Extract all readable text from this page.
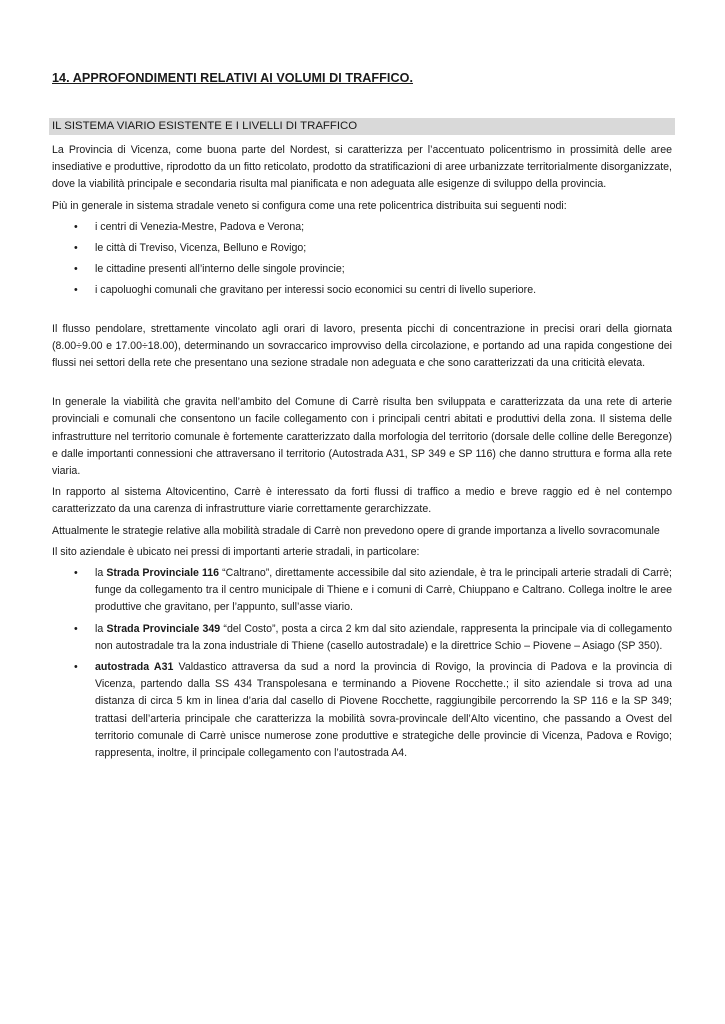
14. APPROFONDIMENTI RELATIVI AI VOLUMI DI TRAFFICO.
IL SISTEMA VIARIO ESISTENTE E I LIVELLI DI TRAFFICO

La Provincia di Vicenza, come buona parte del Nordest, si caratterizza per l’accentuato policentrismo in prossimità delle aree insediative e produttive, riprodotto da un fitto reticolato, prodotto da stratificazioni di aree urbanizzate territorialmente disorganizzate, dove la viabilità principale e secondaria risulta mal pianificata e non adeguata alle esigenze di sviluppo della provincia.

Più in generale in sistema stradale veneto si configura come una rete policentrica distribuita sui seguenti nodi:

• i centri di Venezia-Mestre, Padova e Verona;
• le città di Treviso, Vicenza, Belluno e Rovigo;
• le cittadine presenti all’interno delle singole provincie;
• i capoluoghi comunali che gravitano per interessi socio economici su centri di livello superiore.

Il flusso pendolare, strettamente vincolato agli orari di lavoro, presenta picchi di concentrazione in precisi orari della giornata (8.00÷9.00 e 17.00÷18.00), determinando un sovraccarico improvviso della circolazione, e portando ad una rapida congestione dei flussi nei settori della rete che presentano una sezione stradale non adeguata e che sono caratterizzati da una criticità elevata.

In generale la viabilità che gravita nell’ambito del Comune di Carrè risulta ben sviluppata e caratterizzata da una rete di arterie provinciali e comunali che consentono un facile collegamento con i principali centri abitati e produttivi della zona. Il sistema delle infrastrutture nel territorio comunale è fortemente caratterizzato dalla morfologia del territorio (dorsale delle colline delle Beregonze) e dalle importanti connessioni che attraversano il territorio (Autostrada A31, SP 349 e SP 116) che danno struttura e forma alla rete viaria.

In rapporto al sistema Altovicentino, Carrè è interessato da forti flussi di traffico a medio e breve raggio ed è nel contempo caratterizzato da una carenza di infrastrutture viarie correttamente gerarchizzate.

Attualmente le strategie relative alla mobilità stradale di Carrè non prevedono opere di grande importanza a livello sovracomunale

Il sito aziendale è ubicato nei pressi di importanti arterie stradali, in particolare:

• la Strada Provinciale 116 “Caltrano”, direttamente accessibile dal sito aziendale, è tra le principali arterie stradali di Carrè; funge da collegamento tra il centro municipale di Thiene e i comuni di Carrè, Chiuppano e Caltrano. Collega inoltre le aree produttive che gravitano, per l’appunto, sull’asse viario.
• la Strada Provinciale 349 “del Costo”, posta a circa 2 km dal sito aziendale, rappresenta la principale via di collegamento non autostradale tra la zona industriale di Thiene (casello autostradale) e la direttrice Schio – Piovene – Asiago (SP 350).
• autostrada A31 Valdastico attraversa da sud a nord la provincia di Rovigo, la provincia di Padova e la provincia di Vicenza, partendo dalla SS 434 Transpolesana e terminando a Piovene Rocchette.; il sito aziendale si trova ad una distanza di circa 5 km in linea d’aria dal casello di Piovene Rocchette, raggiungibile percorrendo la SP 116 e la SP 349; trattasi dell’arteria principale che caratterizza la mobilità sovra-provincale dell’Alto vicentino, che passando a Ovest del territorio comunale di Carrè unisce numerose zone produttive e strategiche delle provincie di Vicenza, Padova e Rovigo; rappresenta, inoltre, il principale collegamento con l’autostrada A4.
